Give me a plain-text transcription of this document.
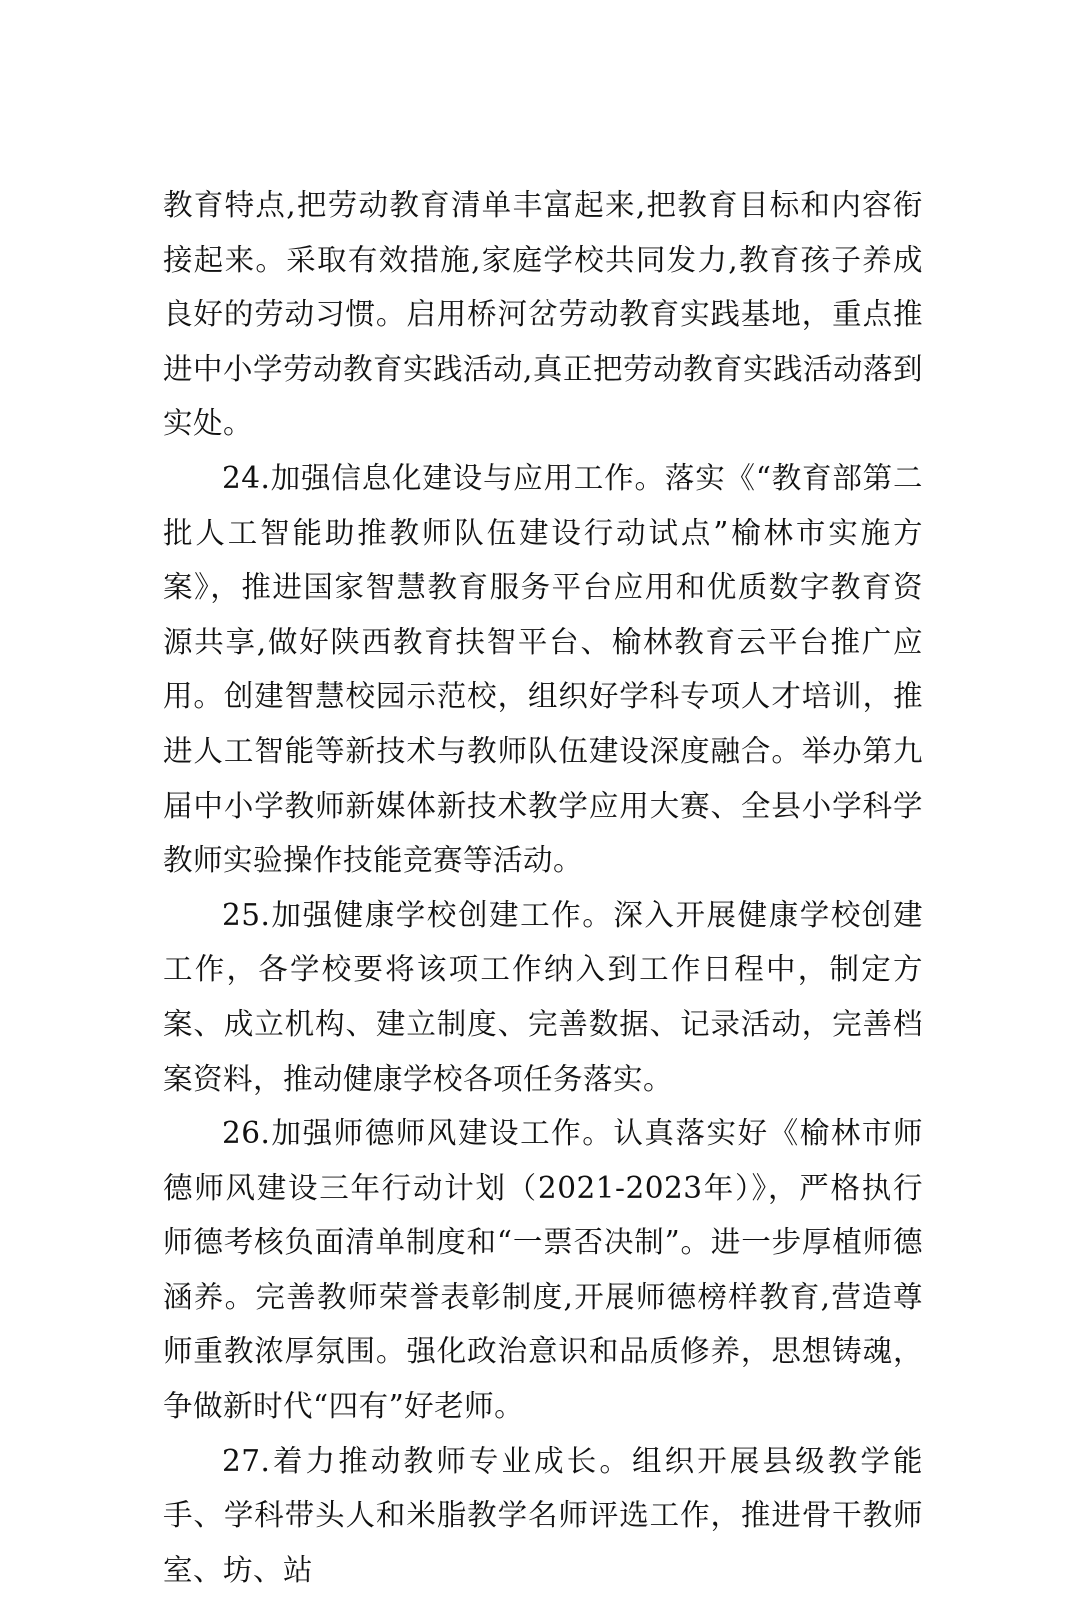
教育特点,把劳动教育清单丰富起来,把教育目标和内容衔接起来。采取有效措施,家庭学校共同发力,教育孩子养成良好的劳动习惯。启用桥河岔劳动教育实践基地，重点推进中小学劳动教育实践活动,真正把劳动教育实践活动落到实处。

24.加强信息化建设与应用工作。落实《“教育部第二批人工智能助推教师队伍建设行动试点”榆林市实施方案》，推进国家智慧教育服务平台应用和优质数字教育资源共享,做好陕西教育扶智平台、榆林教育云平台推广应用。创建智慧校园示范校，组织好学科专项人才培训，推进人工智能等新技术与教师队伍建设深度融合。举办第九届中小学教师新媒体新技术教学应用大赛、全县小学科学教师实验操作技能竞赛等活动。

25.加强健康学校创建工作。深入开展健康学校创建工作，各学校要将该项工作纳入到工作日程中，制定方案、成立机构、建立制度、完善数据、记录活动，完善档案资料，推动健康学校各项任务落实。

26.加强师德师风建设工作。认真落实好《榆林市师德师风建设三年行动计划（2021-2023年）》，严格执行师德考核负面清单制度和“一票否决制”。进一步厚植师德涵养。完善教师荣誉表彰制度,开展师德榜样教育,营造尊师重教浓厚氛围。强化政治意识和品质修养，思想铸魂，争做新时代“四有”好老师。

27.着力推动教师专业成长。组织开展县级教学能手、学科带头人和米脂教学名师评选工作，推进骨干教师室、坊、站
